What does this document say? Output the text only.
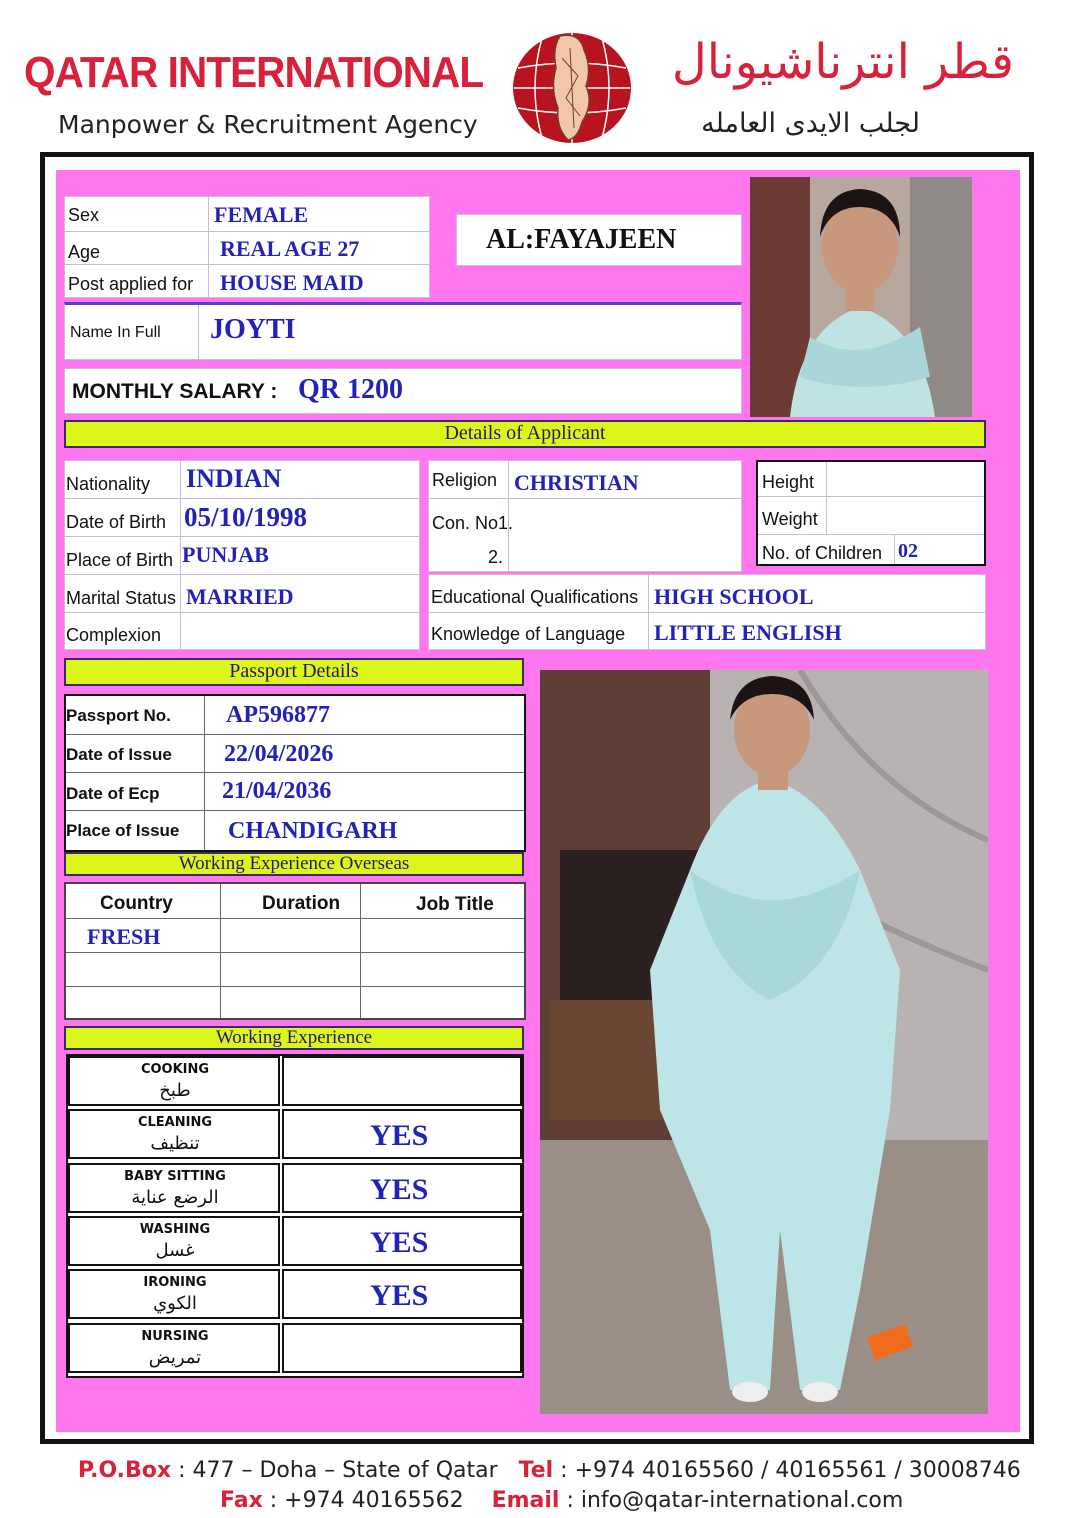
QATAR INTERNATIONAL
Manpower & Recruitment Agency
قطر انترناشيونال
لجلب الايدى العامله
Sex	FEMALE
Age	REAL AGE 27
Post applied for HOUSE MAID
AL:FAYAJEEN
Name In Full JOYTI
MONTHLY SALARY : QR 1200
Details of Applicant
Nationality INDIAN
Date of Birth 05/10/1998
Place of Birth PUNJAB
Marital Status MARRIED
Complexion
Religion CHRISTIAN
Con. No1.
2.
Height
Weight
No. of Children 02
Educational Qualifications HIGH SCHOOL
Knowledge of Language LITTLE ENGLISH
Passport Details
Passport No. AP596877
Date of Issue 22/04/2026
Date of Ecp	21/04/2036
Place of Issue CHANDIGARH
Working Experience Overseas
Country	Duration	Job Title
FRESH
Working Experience
COOKING
طبخ
CLEANING
تنظيف	YES
BABY SITTING
الرضع عناية	YES
WASHING
غسل	YES
IRONING
الكوي	YES
NURSING
تمريض
P.O.Box : 477 – Doha – State of Qatar Tel : +974 40165560 / 40165561 / 30008746
Fax : +974 40165562 Email : info@qatar-international.com
